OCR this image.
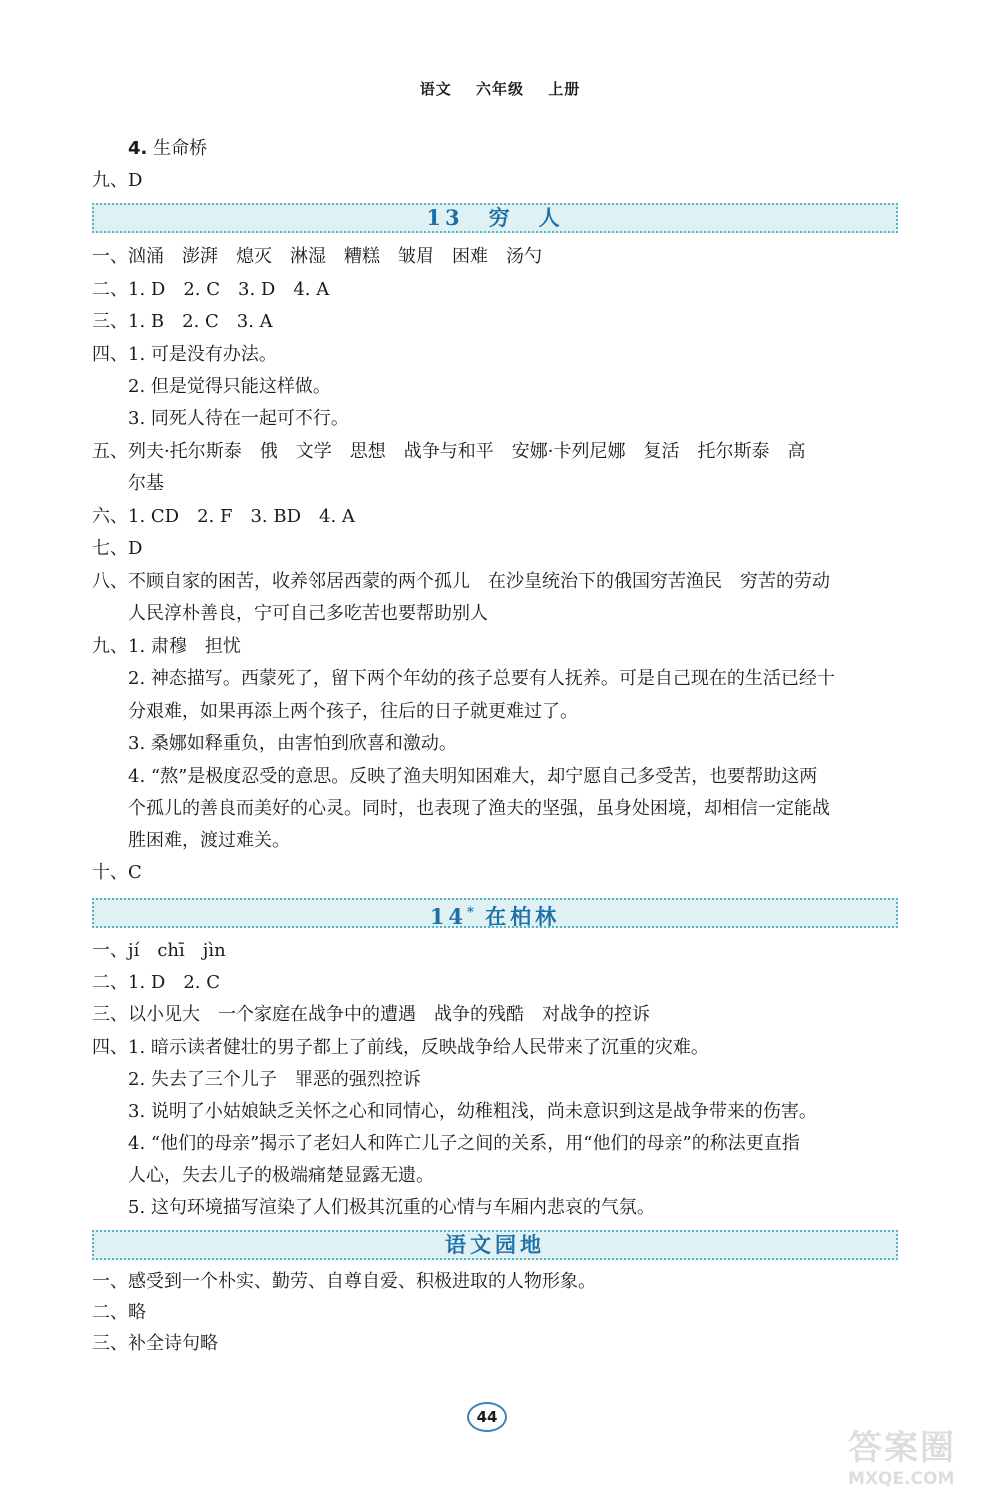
语文 六年级 上册
4. 生命桥
九、D
13　穷　人
一、汹涌　澎湃　熄灭　淋湿　糟糕　皱眉　困难　汤勺
二、1. D　2. C　3. D　4. A
三、1. B　2. C　3. A
四、1. 可是没有办法。
2. 但是觉得只能这样做。
3. 同死人待在一起可不行。
五、列夫·托尔斯泰　俄　文学　思想　战争与和平　安娜·卡列尼娜　复活　托尔斯泰　高
尔基
六、1. CD　2. F　3. BD　4. A
七、D
八、不顾自家的困苦，收养邻居西蒙的两个孤儿　在沙皇统治下的俄国穷苦渔民　穷苦的劳动
人民淳朴善良，宁可自己多吃苦也要帮助别人
九、1. 肃穆　担忧
2. 神态描写。西蒙死了，留下两个年幼的孩子总要有人抚养。可是自己现在的生活已经十
分艰难，如果再添上两个孩子，往后的日子就更难过了。
3. 桑娜如释重负，由害怕到欣喜和激动。
4. “熬”是极度忍受的意思。反映了渔夫明知困难大，却宁愿自己多受苦，也要帮助这两
个孤儿的善良而美好的心灵。同时，也表现了渔夫的坚强，虽身处困境，却相信一定能战
胜困难，渡过难关。
十、C
14* 在柏林
一、jí　chī　jìn
二、1. D　2. C
三、以小见大　一个家庭在战争中的遭遇　战争的残酷　对战争的控诉
四、1. 暗示读者健壮的男子都上了前线，反映战争给人民带来了沉重的灾难。
2. 失去了三个儿子　罪恶的强烈控诉
3. 说明了小姑娘缺乏关怀之心和同情心，幼稚粗浅，尚未意识到这是战争带来的伤害。
4. “他们的母亲”揭示了老妇人和阵亡儿子之间的关系，用“他们的母亲”的称法更直指
人心，失去儿子的极端痛楚显露无遗。
5. 这句环境描写渲染了人们极其沉重的心情与车厢内悲哀的气氛。
语文园地
一、感受到一个朴实、勤劳、自尊自爱、积极进取的人物形象。
二、略
三、补全诗句略
44
答案圈
MXQE.COM
